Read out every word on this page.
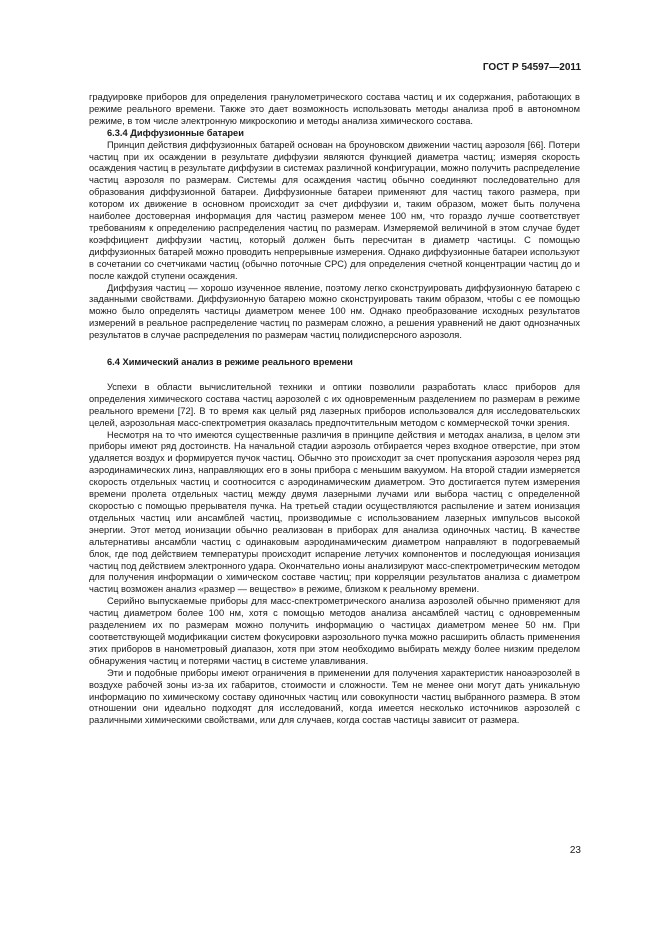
ГОСТ Р 54597—2011

градуировке приборов для определения гранулометрического состава частиц и их содержания, работающих в режиме реального времени. Также это дает возможность использовать методы анализа проб в автономном режиме, в том числе электронную микроскопию и методы анализа химического состава.

6.3.4 Диффузионные батареи

Принцип действия диффузионных батарей основан на броуновском движении частиц аэрозоля [66]. Потери частиц при их осаждении в результате диффузии являются функцией диаметра частиц; измеряя скорость осаждения частиц в результате диффузии в системах различной конфигурации, можно получить распределение частиц аэрозоля по размерам. Системы для осаждения частиц обычно соединяют последовательно для образования диффузионной батареи. Диффузионные батареи применяют для частиц такого размера, при котором их движение в основном происходит за счет диффузии и, таким образом, может быть получена наиболее достоверная информация для частиц размером менее 100 нм, что гораздо лучше соответствует требованиям к определению распределения частиц по размерам. Измеряемой величиной в этом случае будет коэффициент диффузии частиц, который должен быть пересчитан в диаметр частицы. С помощью диффузионных батарей можно проводить непрерывные измерения. Однако диффузионные батареи используют в сочетании со счетчиками частиц (обычно поточные CPC) для определения счетной концентрации частиц до и после каждой ступени осаждения.

Диффузия частиц — хорошо изученное явление, поэтому легко сконструировать диффузионную батарею с заданными свойствами. Диффузионную батарею можно сконструировать таким образом, чтобы с ее помощью можно было определять частицы диаметром менее 100 нм. Однако преобразование исходных результатов измерений в реальное распределение частиц по размерам сложно, а решения уравнений не дают однозначных результатов в случае распределения по размерам частиц полидисперсного аэрозоля.

6.4 Химический анализ в режиме реального времени

Успехи в области вычислительной техники и оптики позволили разработать класс приборов для определения химического состава частиц аэрозолей с их одновременным разделением по размерам в режиме реального времени [72]. В то время как целый ряд лазерных приборов использовался для исследовательских целей, аэрозольная масс-спектрометрия оказалась предпочтительным методом с коммерческой точки зрения.

Несмотря на то что имеются существенные различия в принципе действия и методах анализа, в целом эти приборы имеют ряд достоинств. На начальной стадии аэрозоль отбирается через входное отверстие, при этом удаляется воздух и формируется пучок частиц. Обычно это происходит за счет пропускания аэрозоля через ряд аэродинамических линз, направляющих его в зоны прибора с меньшим вакуумом. На второй стадии измеряется скорость отдельных частиц и соотносится с аэродинамическим диаметром. Это достигается путем измерения времени пролета отдельных частиц между двумя лазерными лучами или выбора частиц с определенной скоростью с помощью прерывателя пучка. На третьей стадии осуществляются распыление и затем ионизация отдельных частиц или ансамблей частиц, производимые с использованием лазерных импульсов высокой энергии. Этот метод ионизации обычно реализован в приборах для анализа одиночных частиц. В качестве альтернативы ансамбли частиц с одинаковым аэродинамическим диаметром направляют в подогреваемый блок, где под действием температуры происходит испарение летучих компонентов и последующая ионизация частиц под действием электронного удара. Окончательно ионы анализируют масс-спектрометрическим методом для получения информации о химическом составе частиц; при корреляции результатов анализа с диаметром частиц возможен анализ «размер — вещество» в режиме, близком к реальному времени.

Серийно выпускаемые приборы для масс-спектрометрического анализа аэрозолей обычно применяют для частиц диаметром более 100 нм, хотя с помощью методов анализа ансамблей частиц с одновременным разделением их по размерам можно получить информацию о частицах диаметром менее 50 нм. При соответствующей модификации систем фокусировки аэрозольного пучка можно расширить область применения этих приборов в нанометровый диапазон, хотя при этом необходимо выбирать между более низким пределом обнаружения частиц и потерями частиц в системе улавливания.

Эти и подобные приборы имеют ограничения в применении для получения характеристик наноаэрозолей в воздухе рабочей зоны из-за их габаритов, стоимости и сложности. Тем не менее они могут дать уникальную информацию по химическому составу одиночных частиц или совокупности частиц выбранного размера. В этом отношении они идеально подходят для исследований, когда имеется несколько источников аэрозолей с различными химическими свойствами, или для случаев, когда состав частицы зависит от размера.

23
